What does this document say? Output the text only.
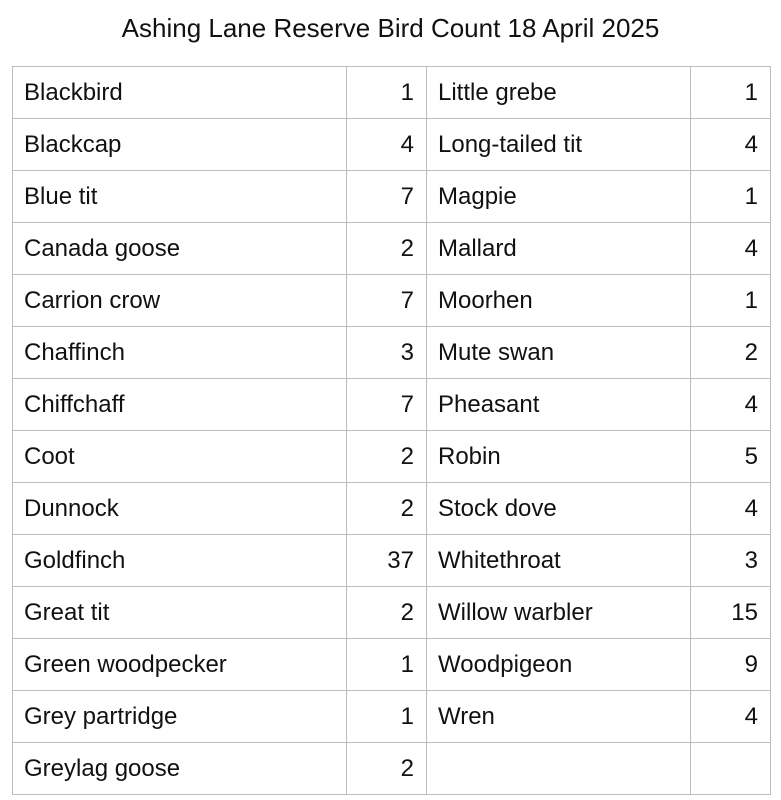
Ashing Lane Reserve Bird Count 18 April 2025
Blackbird	1	Little grebe	1
Blackcap	4	Long-tailed tit	4
Blue tit	7	Magpie	1
Canada goose	2	Mallard	4
Carrion crow	7	Moorhen	1
Chaffinch	3	Mute swan	2
Chiffchaff	7	Pheasant	4
Coot	2	Robin	5
Dunnock	2	Stock dove	4
Goldfinch	37	Whitethroat	3
Great tit	2	Willow warbler	15
Green woodpecker	1	Woodpigeon	9
Grey partridge	1	Wren	4
Greylag goose	2		
